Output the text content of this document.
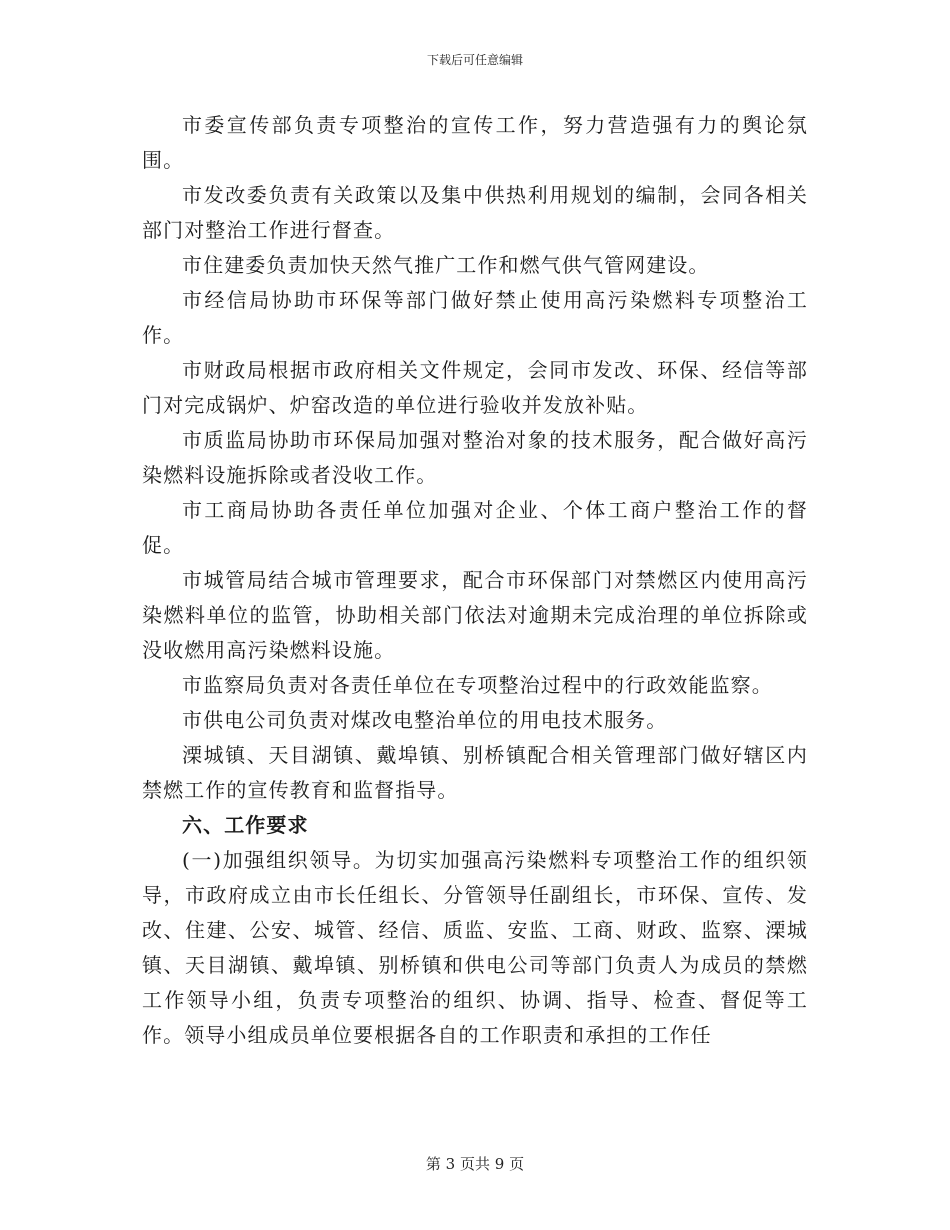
下载后可任意编辑

市委宣传部负责专项整治的宣传工作，努力营造强有力的舆论氛围。

市发改委负责有关政策以及集中供热利用规划的编制，会同各相关部门对整治工作进行督查。

市住建委负责加快天然气推广工作和燃气供气管网建设。

市经信局协助市环保等部门做好禁止使用高污染燃料专项整治工作。

市财政局根据市政府相关文件规定，会同市发改、环保、经信等部门对完成锅炉、炉窑改造的单位进行验收并发放补贴。

市质监局协助市环保局加强对整治对象的技术服务，配合做好高污染燃料设施拆除或者没收工作。

市工商局协助各责任单位加强对企业、个体工商户整治工作的督促。

市城管局结合城市管理要求，配合市环保部门对禁燃区内使用高污染燃料单位的监管，协助相关部门依法对逾期未完成治理的单位拆除或没收燃用高污染燃料设施。

市监察局负责对各责任单位在专项整治过程中的行政效能监察。

市供电公司负责对煤改电整治单位的用电技术服务。

溧城镇、天目湖镇、戴埠镇、别桥镇配合相关管理部门做好辖区内禁燃工作的宣传教育和监督指导。

六、工作要求

(一)加强组织领导。为切实加强高污染燃料专项整治工作的组织领导，市政府成立由市长任组长、分管领导任副组长，市环保、宣传、发改、住建、公安、城管、经信、质监、安监、工商、财政、监察、溧城镇、天目湖镇、戴埠镇、别桥镇和供电公司等部门负责人为成员的禁燃工作领导小组，负责专项整治的组织、协调、指导、检查、督促等工作。领导小组成员单位要根据各自的工作职责和承担的工作任

第 3 页共 9 页
